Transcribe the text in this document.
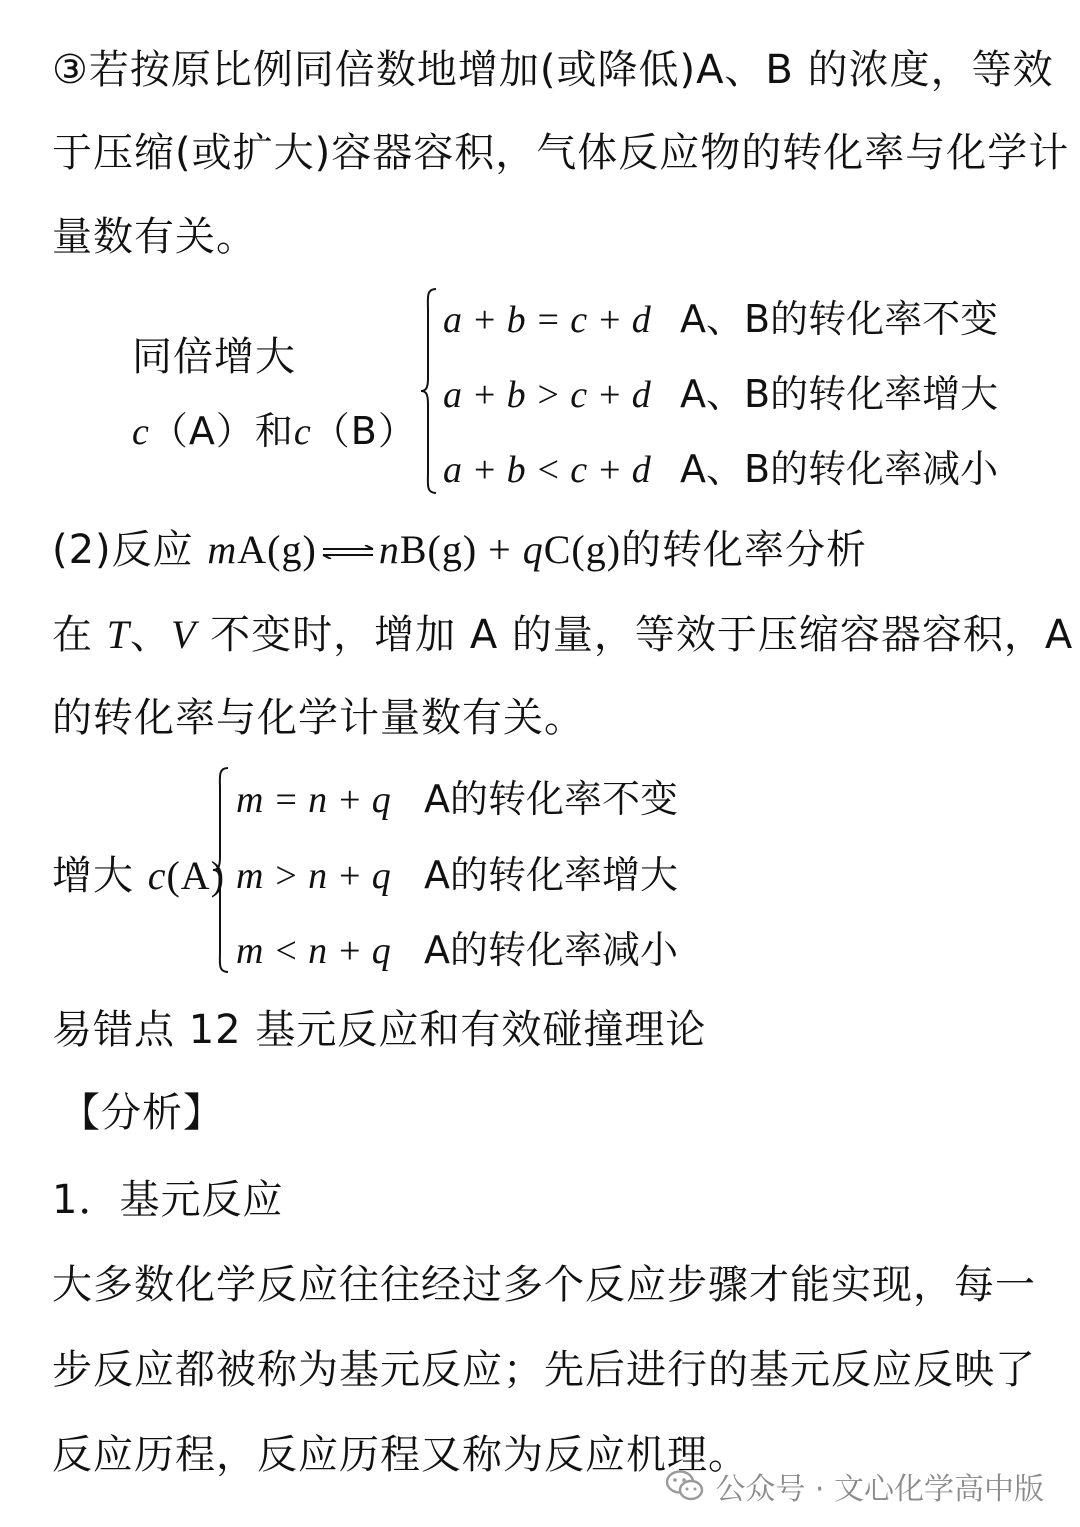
③若按原比例同倍数地增加(或降低)A、B 的浓度，等效
于压缩(或扩大)容器容积，气体反应物的转化率与化学计
量数有关。
同倍增大
c（A）和c（B）
a + b = c + d A、B的转化率不变
a + b > c + d A、B的转化率增大
a + b < c + d A、B的转化率减小
(2)反应 mA(g) ⇌ nB(g) + qC(g)的转化率分析
在 T、V 不变时，增加 A 的量，等效于压缩容器容积，A
的转化率与化学计量数有关。
增大 c(A)
m = n + q A的转化率不变
m > n + q A的转化率增大
m < n + q A的转化率减小
易错点 12 基元反应和有效碰撞理论
【分析】
1．基元反应
大多数化学反应往往经过多个反应步骤才能实现，每一
步反应都被称为基元反应；先后进行的基元反应反映了
反应历程，反应历程又称为反应机理。
公众号 · 文心化学高中版
